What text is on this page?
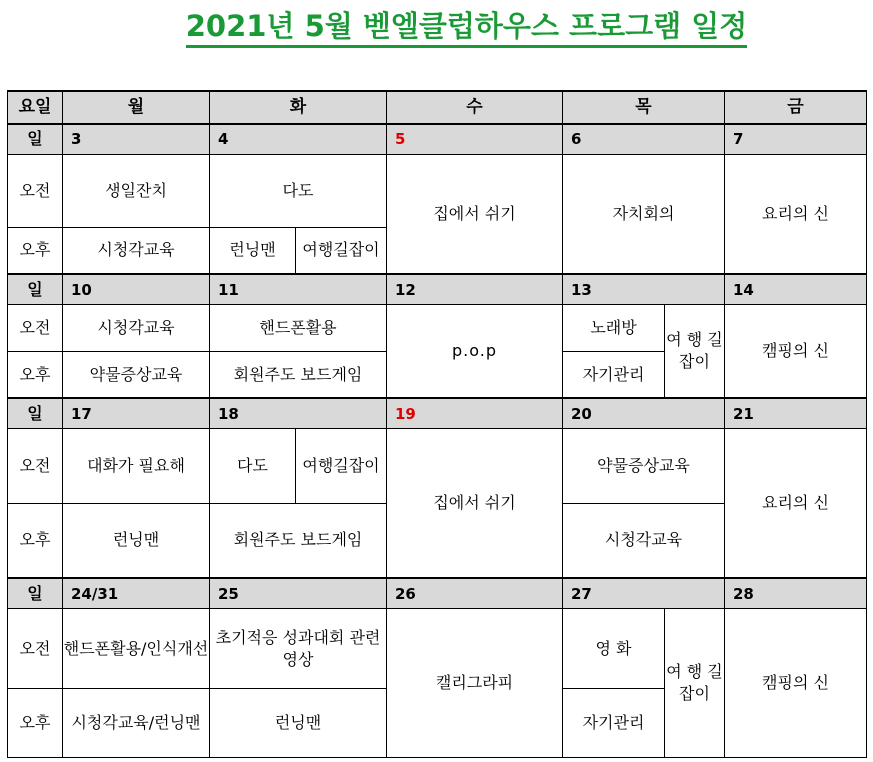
2021년 5월 벧엘클럽하우스 프로그램 일정
요일	월	화		수	목		금
일	3	4		5	6		7
오전	생일잔치	다도		집에서 쉬기	자치회의		요리의 신
오후	시청각교육	런닝맨	여행길잡이				
일	10	11		12	13		14
오전	시청각교육	핸드폰활용		p.o.p	노래방	여 행 길잡이	캠핑의 신
오후	약물증상교육	회원주도 보드게임			자기관리		
일	17	18		19	20		21
오전	대화가 필요해	다도	여행길잡이	집에서 쉬기	약물증상교육		요리의 신
오후	런닝맨	회원주도 보드게임			시청각교육		
일	24/31	25		26	27		28
오전	핸드폰활용/인식개선	초기적응 성과대회 관련 영상		캘리그라피	영 화	여 행 길잡이	캠핑의 신
오후	시청각교육/런닝맨	런닝맨			자기관리		
